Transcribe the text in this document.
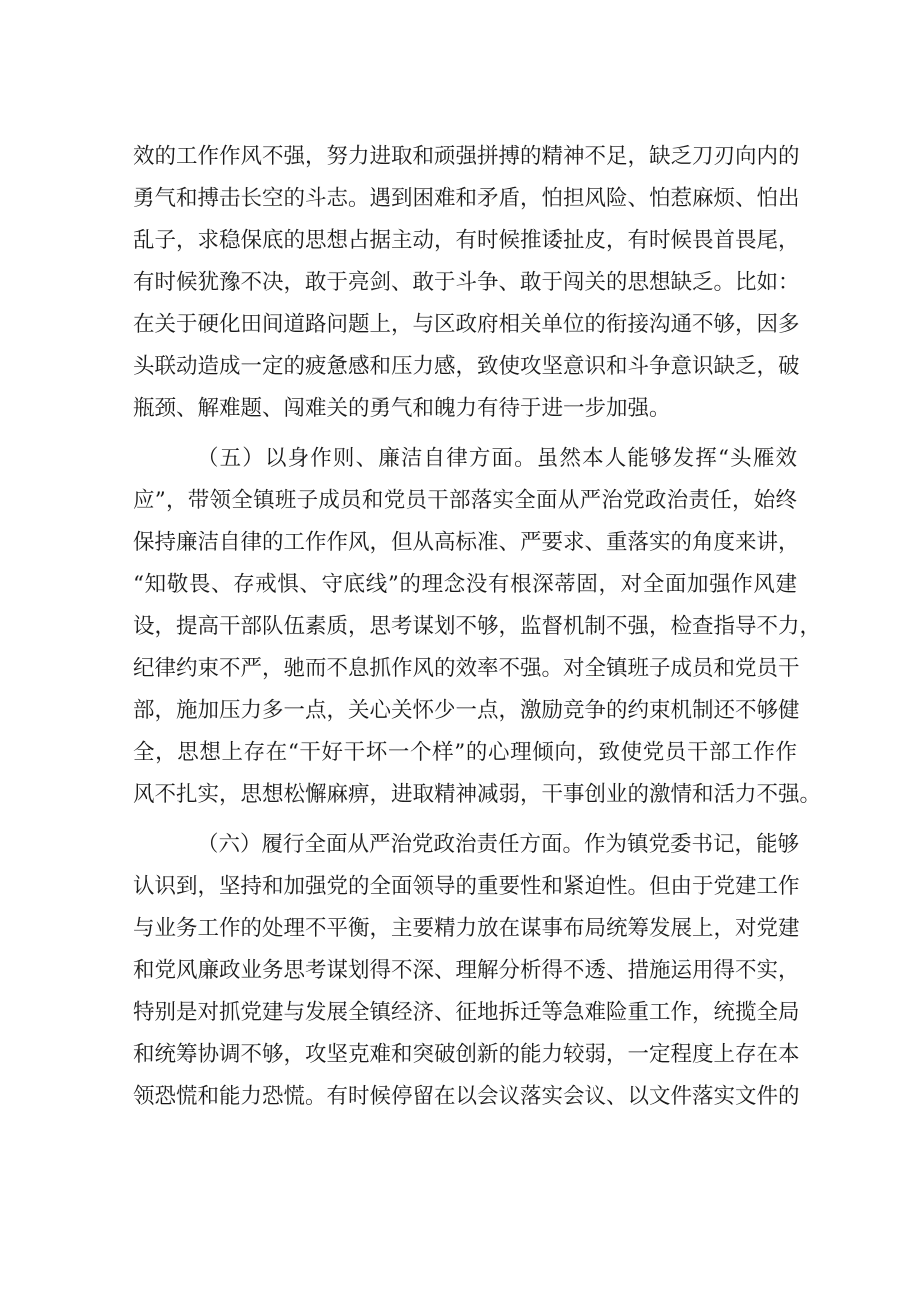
效的工作作风不强，努力进取和顽强拼搏的精神不足，缺乏刀刃向内的
勇气和搏击长空的斗志。遇到困难和矛盾，怕担风险、怕惹麻烦、怕出
乱子，求稳保底的思想占据主动，有时候推诿扯皮，有时候畏首畏尾，
有时候犹豫不决，敢于亮剑、敢于斗争、敢于闯关的思想缺乏。比如：
在关于硬化田间道路问题上，与区政府相关单位的衔接沟通不够，因多
头联动造成一定的疲惫感和压力感，致使攻坚意识和斗争意识缺乏，破
瓶颈、解难题、闯难关的勇气和魄力有待于进一步加强。
（五）以身作则、廉洁自律方面。虽然本人能够发挥“头雁效
应”，带领全镇班子成员和党员干部落实全面从严治党政治责任，始终
保持廉洁自律的工作作风，但从高标准、严要求、重落实的角度来讲，
“知敬畏、存戒惧、守底线”的理念没有根深蒂固，对全面加强作风建
设，提高干部队伍素质，思考谋划不够，监督机制不强，检查指导不力，
纪律约束不严，驰而不息抓作风的效率不强。对全镇班子成员和党员干
部，施加压力多一点，关心关怀少一点，激励竞争的约束机制还不够健
全，思想上存在“干好干坏一个样”的心理倾向，致使党员干部工作作
风不扎实，思想松懈麻痹，进取精神减弱，干事创业的激情和活力不强。
（六）履行全面从严治党政治责任方面。作为镇党委书记，能够
认识到，坚持和加强党的全面领导的重要性和紧迫性。但由于党建工作
与业务工作的处理不平衡，主要精力放在谋事布局统筹发展上，对党建
和党风廉政业务思考谋划得不深、理解分析得不透、措施运用得不实，
特别是对抓党建与发展全镇经济、征地拆迁等急难险重工作，统揽全局
和统筹协调不够，攻坚克难和突破创新的能力较弱，一定程度上存在本
领恐慌和能力恐慌。有时候停留在以会议落实会议、以文件落实文件的
